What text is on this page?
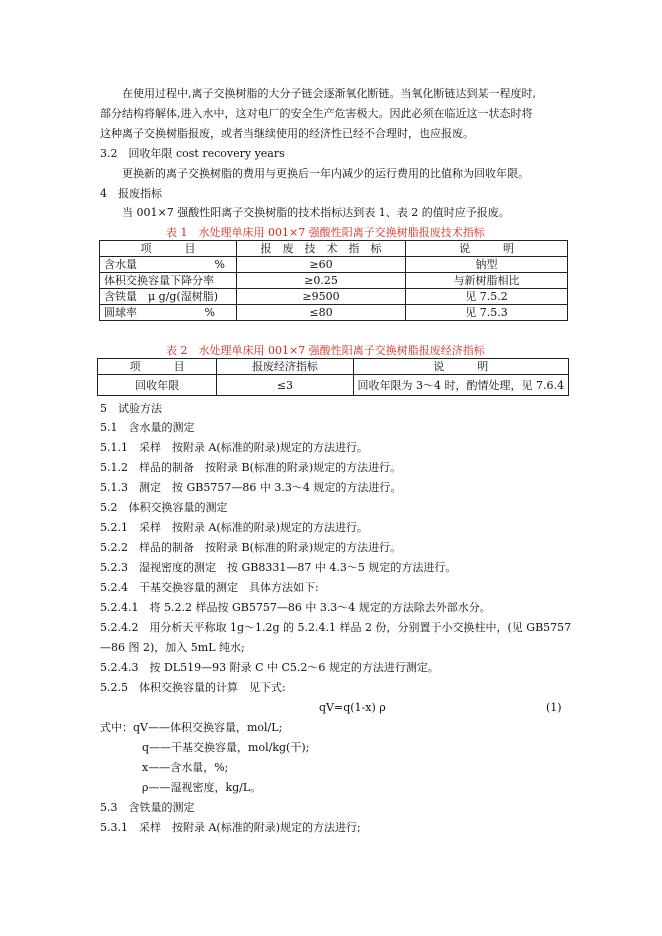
在使用过程中,离子交换树脂的大分子链会逐渐氧化断链。当氧化断链达到某一程度时,
部分结构将解体,进入水中，这对电厂的安全生产危害极大。因此必须在临近这一状态时将
这种离子交换树脂报废，或者当继续使用的经济性已经不合理时，也应报废。
3.2　回收年限 cost recovery years
更换新的离子交换树脂的费用与更换后一年内减少的运行费用的比值称为回收年限。
4　报废指标
当 001×7 强酸性阳离子交换树脂的技术指标达到表 1、表 2 的值时应予报废。
表 1　水处理单床用 001×7 强酸性阳离子交换树脂报废技术指标
项　　　目	报　废　技　术　指　标	说　　　明
含水量 %	≥60	钠型
体积交换容量下降分率	≥0.25	与新树脂相比
含铁量　μ g/g(湿树脂)	≥9500	见 7.5.2
圆球率 %	≤80	见 7.5.3
表 2　水处理单床用 001×7 强酸性阳离子交换树脂报废经济指标
项　　　目	报废经济指标	说　　　明
回收年限	≤3	回收年限为 3～4 时，酌情处理，见 7.6.4
5　试验方法
5.1　含水量的测定
5.1.1　采样　按附录 A(标准的附录)规定的方法进行。
5.1.2　样品的制备　按附录 B(标准的附录)规定的方法进行。
5.1.3　测定　按 GB5757—86 中 3.3～4 规定的方法进行。
5.2　体积交换容量的测定
5.2.1　采样　按附录 A(标准的附录)规定的方法进行。
5.2.2　样品的制备　按附录 B(标准的附录)规定的方法进行。
5.2.3　湿视密度的测定　按 GB8331—87 中 4.3～5 规定的方法进行。
5.2.4　干基交换容量的测定　具体方法如下:
5.2.4.1　将 5.2.2 样品按 GB5757—86 中 3.3～4 规定的方法除去外部水分。
5.2.4.2　用分析天平称取 1g～1.2g 的 5.2.4.1 样品 2 份，分别置于小交换柱中，(见 GB5757
—86 图 2)，加入 5mL 纯水;
5.2.4.3　按 DL519—93 附录 C 中 C5.2～6 规定的方法进行测定。
5.2.5　体积交换容量的计算　见下式:
qV=q(1-x) ρ	(1)
式中：qV——体积交换容量，mol/L;
q——干基交换容量，mol/kg(干);
x——含水量，%;
ρ——湿视密度，kg/L。
5.3　含铁量的测定
5.3.1　采样　按附录 A(标准的附录)规定的方法进行;
